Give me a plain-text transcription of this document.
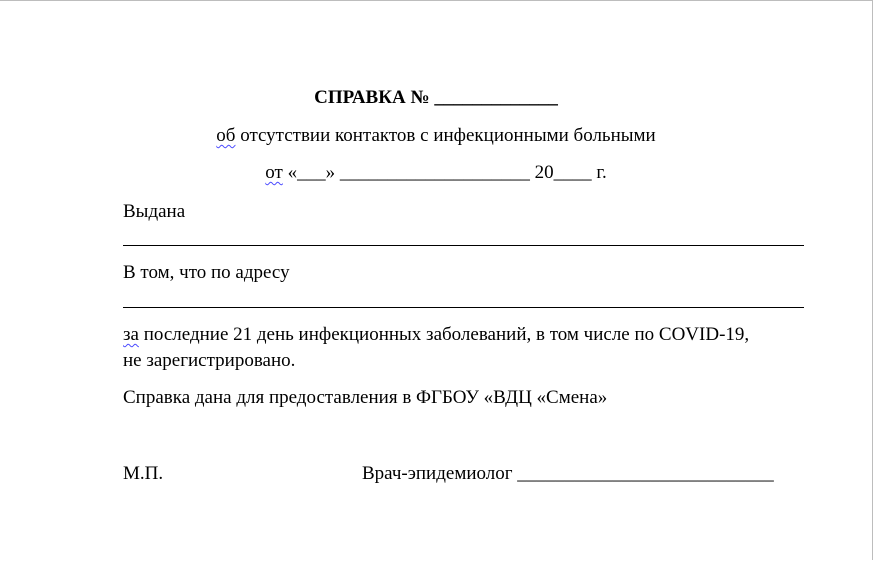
СПРАВКА № _____________
об отсутствии контактов с инфекционными больными
от «___» ____________________ 20____ г.
Выдана
В том, что по адресу
за последние 21 день инфекционных заболеваний, в том числе по COVID-19,
не зарегистрировано.
Справка дана для предоставления в ФГБОУ «ВДЦ «Смена»
М.П.	Врач-эпидемиолог ___________________________
